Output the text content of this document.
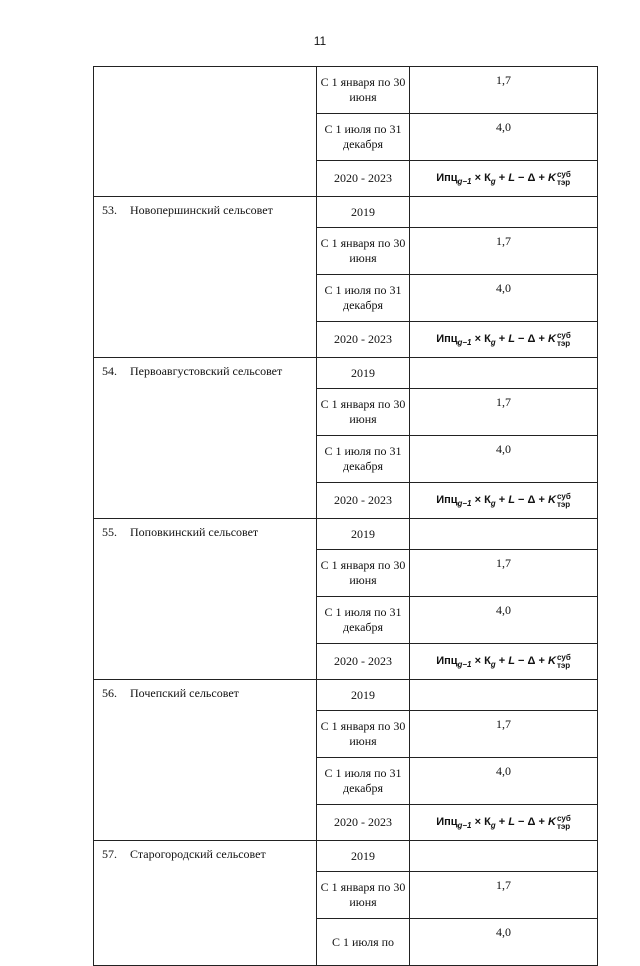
11
	С 1 января по 30 июня	1,7
	С 1 июля по 31 декабря	4,0
	2020 - 2023	$Ипц_{g-1} \times К_g + L - \Delta$ + Kсуб
тэр
53. Новопершинский сельсовет	2019	
	С 1 января по 30 июня	1,7
	С 1 июля по 31 декабря	4,0
	2020 - 2023	$Ипц_{g-1} \times К_g + L - \Delta$ + Kсуб
тэр
54. Первоавгустовский сельсовет	2019	
	С 1 января по 30 июня	1,7
	С 1 июля по 31 декабря	4,0
	2020 - 2023	$Ипц_{g-1} \times К_g + L - \Delta$ + Kсуб
тэр
55. Поповкинский сельсовет	2019	
	С 1 января по 30 июня	1,7
	С 1 июля по 31 декабря	4,0
	2020 - 2023	$Ипц_{g-1} \times К_g + L - \Delta$ + Kсуб
тэр
56. Почепский сельсовет	2019	
	С 1 января по 30 июня	1,7
	С 1 июля по 31 декабря	4,0
	2020 - 2023	$Ипц_{g-1} \times К_g + L - \Delta$ + Kсуб
тэр
57. Старогородский сельсовет	2019	
	С 1 января по 30 июня	1,7
	С 1 июля по	4,0
